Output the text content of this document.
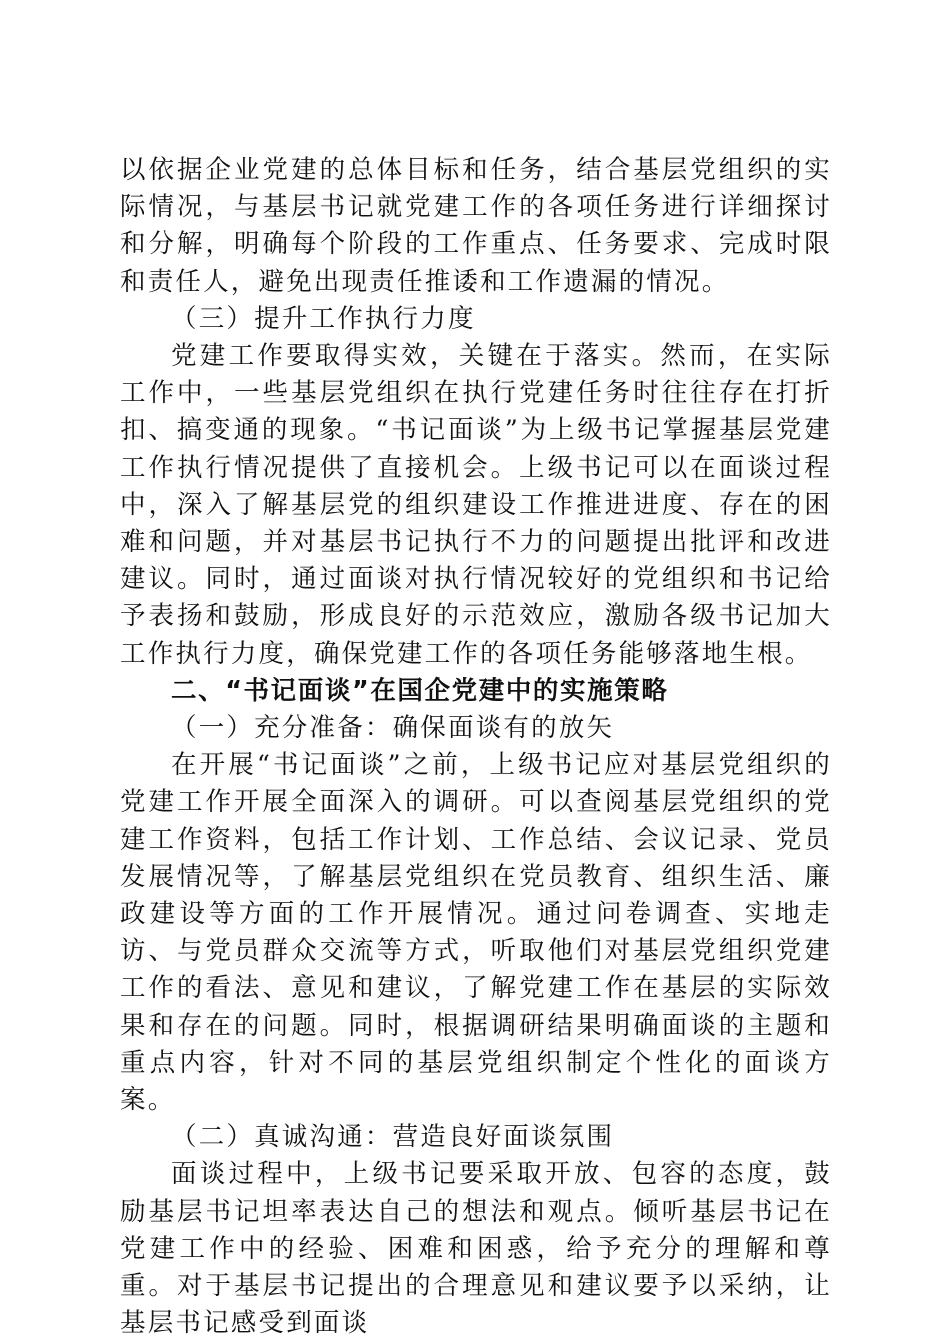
以依据企业党建的总体目标和任务，结合基层党组织的实际情况，与基层书记就党建工作的各项任务进行详细探讨和分解，明确每个阶段的工作重点、任务要求、完成时限和责任人，避免出现责任推诿和工作遗漏的情况。

（三）提升工作执行力度

党建工作要取得实效，关键在于落实。然而，在实际工作中，一些基层党组织在执行党建任务时往往存在打折扣、搞变通的现象。“书记面谈”为上级书记掌握基层党建工作执行情况提供了直接机会。上级书记可以在面谈过程中，深入了解基层党的组织建设工作推进进度、存在的困难和问题，并对基层书记执行不力的问题提出批评和改进建议。同时，通过面谈对执行情况较好的党组织和书记给予表扬和鼓励，形成良好的示范效应，激励各级书记加大工作执行力度，确保党建工作的各项任务能够落地生根。

二、“书记面谈”在国企党建中的实施策略

（一）充分准备：确保面谈有的放矢

在开展“书记面谈”之前，上级书记应对基层党组织的党建工作开展全面深入的调研。可以查阅基层党组织的党建工作资料，包括工作计划、工作总结、会议记录、党员发展情况等，了解基层党组织在党员教育、组织生活、廉政建设等方面的工作开展情况。通过问卷调查、实地走访、与党员群众交流等方式，听取他们对基层党组织党建工作的看法、意见和建议，了解党建工作在基层的实际效果和存在的问题。同时，根据调研结果明确面谈的主题和重点内容，针对不同的基层党组织制定个性化的面谈方案。

（二）真诚沟通：营造良好面谈氛围

面谈过程中，上级书记要采取开放、包容的态度，鼓励基层书记坦率表达自己的想法和观点。倾听基层书记在党建工作中的经验、困难和困惑，给予充分的理解和尊重。对于基层书记提出的合理意见和建议要予以采纳，让基层书记感受到面谈
